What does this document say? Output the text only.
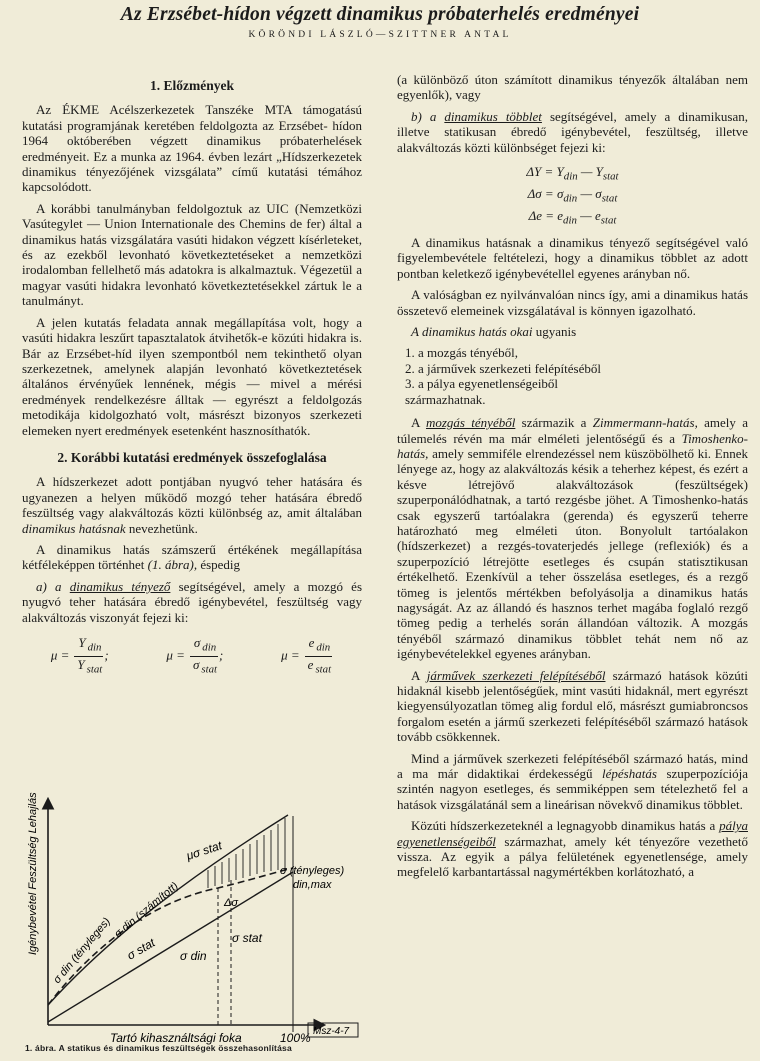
Az Erzsébet-hídon végzett dinamikus próbaterhelés eredményei
KÖRÖNDI LÁSZLÓ—SZITTNER ANTAL
1. Előzmények

Az ÉKME Acélszerkezetek Tanszéke MTA támogatású kutatási programjának keretében feldolgozta az Erzsébet- hídon 1964 októberében végzett dinamikus próbaterhelések eredményeit. Ez a munka az 1964. évben lezárt „Hídszerkezetek dinamikus tényezőjének vizsgálata” című kutatási témához kapcsolódott.

A korábbi tanulmányban feldolgoztuk az UIC (Nemzetközi Vasútegylet — Union Internationale des Chemins de fer) által a dinamikus hatás vizsgálatára vasúti hidakon végzett kísérleteket, és az ezekből levonható következtetéseket a nemzetközi irodalomban fellelhető más adatokra is alkalmaztuk. Végezetül a magyar vasúti hidakra levonható következtetésekkel zártuk le a tanulmányt.

A jelen kutatás feladata annak megállapítása volt, hogy a vasúti hidakra leszűrt tapasztalatok átvihetők-e közúti hidakra is. Bár az Erzsébet-híd ilyen szempontból nem tekinthető olyan szerkezetnek, amelynek alapján levonható következtetések általános érvényűek lennének, mégis — mivel a mérési eredmények rendelkezésre álltak — egyrészt a feldolgozás metodikája kidolgozható volt, másrészt bizonyos szerkezeti elemeken nyert eredmények esetenként hasznosíthatók.

2. Korábbi kutatási eredmények összefoglalása

A hídszerkezet adott pontjában nyugvó teher hatására és ugyanezen a helyen működő mozgó teher hatására ébredő feszültség vagy alakváltozás közti különbség az, amit általában dinamikus hatásnak nevezhetünk.

A dinamikus hatás számszerű értékének megállapítása kétféleképpen történhet (1. ábra), éspedig

a) a dinamikus tényező segítségével, amely a mozgó és nyugvó teher hatására ébredő igénybevétel, feszültség vagy alakváltozás viszonyát fejezi ki:

$\mu = \frac{Y _{din}}{Y _{stat}}$ ;	$\mu = \frac{\sigma _{din}}{\sigma _{stat}}$ ;	$\mu = \frac{e _{din}}{e _{stat}}$
Igénybevétel Feszültség Lehajlás
Tartó kihasználtsági foka	100%
σ din (számított)
μσ stat
σ (tényleges)
din,max
Δσ
σ din (tényleges) σ stat σ din
σ stat
Msz-4-7
1. ábra. A statikus és dinamikus feszültségek összehasonlítása

(a különböző úton számított dinamikus tényezők általában nem egyenlők), vagy

b) a dinamikus többlet segítségével, amely a dinamikusan, illetve statikusan ébredő igénybevétel, feszültség, illetve alakváltozás közti különbséget fejezi ki:

$\Delta Y = Y_{din}$ — $Y_{stat}$
$\Delta\sigma = \sigma_{din}$ — $\sigma_{stat}$
$\Delta e = e_{din}$ — $e_{stat}$

A dinamikus hatásnak a dinamikus tényező segítségével való figyelembevétele feltételezi, hogy a dinamikus többlet az adott pontban keletkező igénybevétellel egyenes arányban nő.

A valóságban ez nyilvánvalóan nincs így, ami a dinamikus hatás összetevő elemeinek vizsgálatával is könnyen igazolható.

A dinamikus hatás okai ugyanis

1. a mozgás tényéből,
2. a járművek szerkezeti felépítéséből
3. a pálya egyenetlenségeiből
származhatnak.

A mozgás tényéből származik a Zimmermann-hatás, amely a túlemelés révén ma már elméleti jelentőségű és a Timoshenko-hatás, amely semmiféle elrendezéssel nem küszöbölhető ki. Ennek lényege az, hogy az alakváltozás késik a teherhez képest, és ezért a késve létrejövő alakváltozások (feszültségek) szuperponálódhatnak, a tartó rezgésbe jöhet. A Timoshenko-hatás csak egyszerű tartóalakra (gerenda) és egyszerű teherre határozható meg elméleti úton. Bonyolult tartóalakon (hídszerkezet) a rezgés-tovaterjedés jellege (reflexiók) és a szuperpozíció létrejötte esetleges és csupán statisztikusan értékelhető. Ezenkívül a teher összelása esetleges, és a rezgő tömeg is jelentős mértékben befolyásolja a dinamikus hatás nagyságát. Az az állandó és hasznos terhet magába foglaló rezgő tömeg pedig a terhelés során állandóan változik. A mozgás tényéből származó dinamikus többlet tehát nem nő az igénybevételekkel egyenes arányban.

A járművek szerkezeti felépítéséből származó hatások közúti hidaknál kisebb jelentőségűek, mint vasúti hidaknál, mert egyrészt kiegyensúlyozatlan tömeg alig fordul elő, másrészt gumiabroncsos forgalom esetén a jármű szerkezeti felépítéséből származó hatások tovább csökkennek.

Mind a járművek szerkezeti felépítéséből származó hatás, mind a ma már didaktikai érdekességű lépéshatás szuperpozíciója szintén nagyon esetleges, és semmiképpen sem tételezhető fel a hatások vizsgálatánál sem a lineárisan növekvő dinamikus többlet.

Közúti hídszerkezeteknél a legnagyobb dinamikus hatás a pálya egyenetlenségeiből származhat, amely két tényezőre vezethető vissza. Az egyik a pálya felületének egyenetlensége, amely megfelelő karbantartással nagymértékben korlátozható, a
